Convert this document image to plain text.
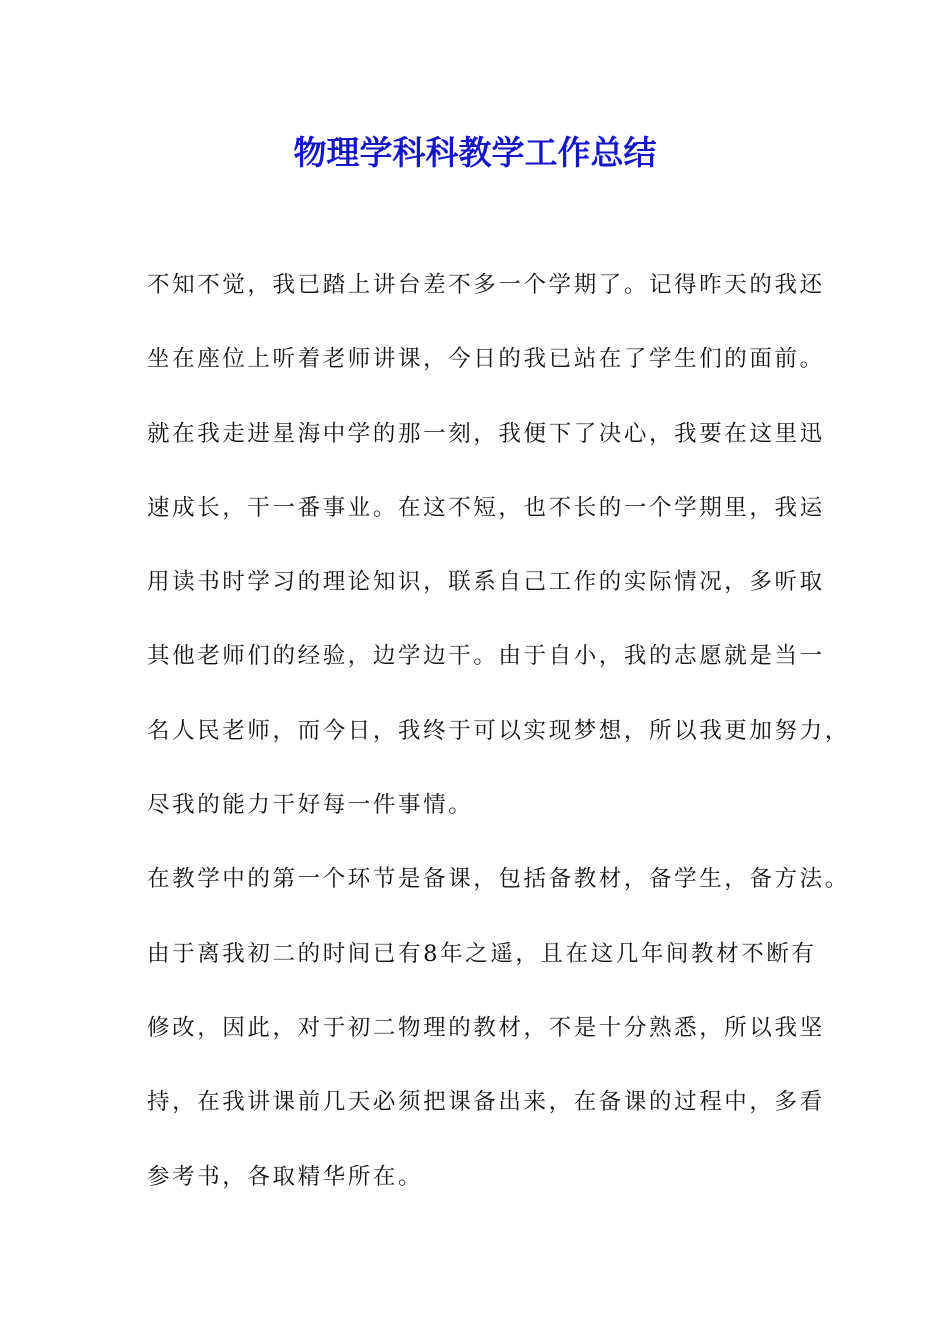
物理学科科教学工作总结
不知不觉，我已踏上讲台差不多一个学期了。记得昨天的我还
坐在座位上听着老师讲课，今日的我已站在了学生们的面前。
就在我走进星海中学的那一刻，我便下了决心，我要在这里迅
速成长，干一番事业。在这不短，也不长的一个学期里，我运
用读书时学习的理论知识，联系自己工作的实际情况，多听取
其他老师们的经验，边学边干。由于自小，我的志愿就是当一
名人民老师，而今日，我终于可以实现梦想，所以我更加努力，
尽我的能力干好每一件事情。
在教学中的第一个环节是备课，包括备教材，备学生，备方法。
由于离我初二的时间已有8年之遥，且在这几年间教材不断有
修改，因此，对于初二物理的教材，不是十分熟悉，所以我坚
持，在我讲课前几天必须把课备出来，在备课的过程中，多看
参考书，各取精华所在。
